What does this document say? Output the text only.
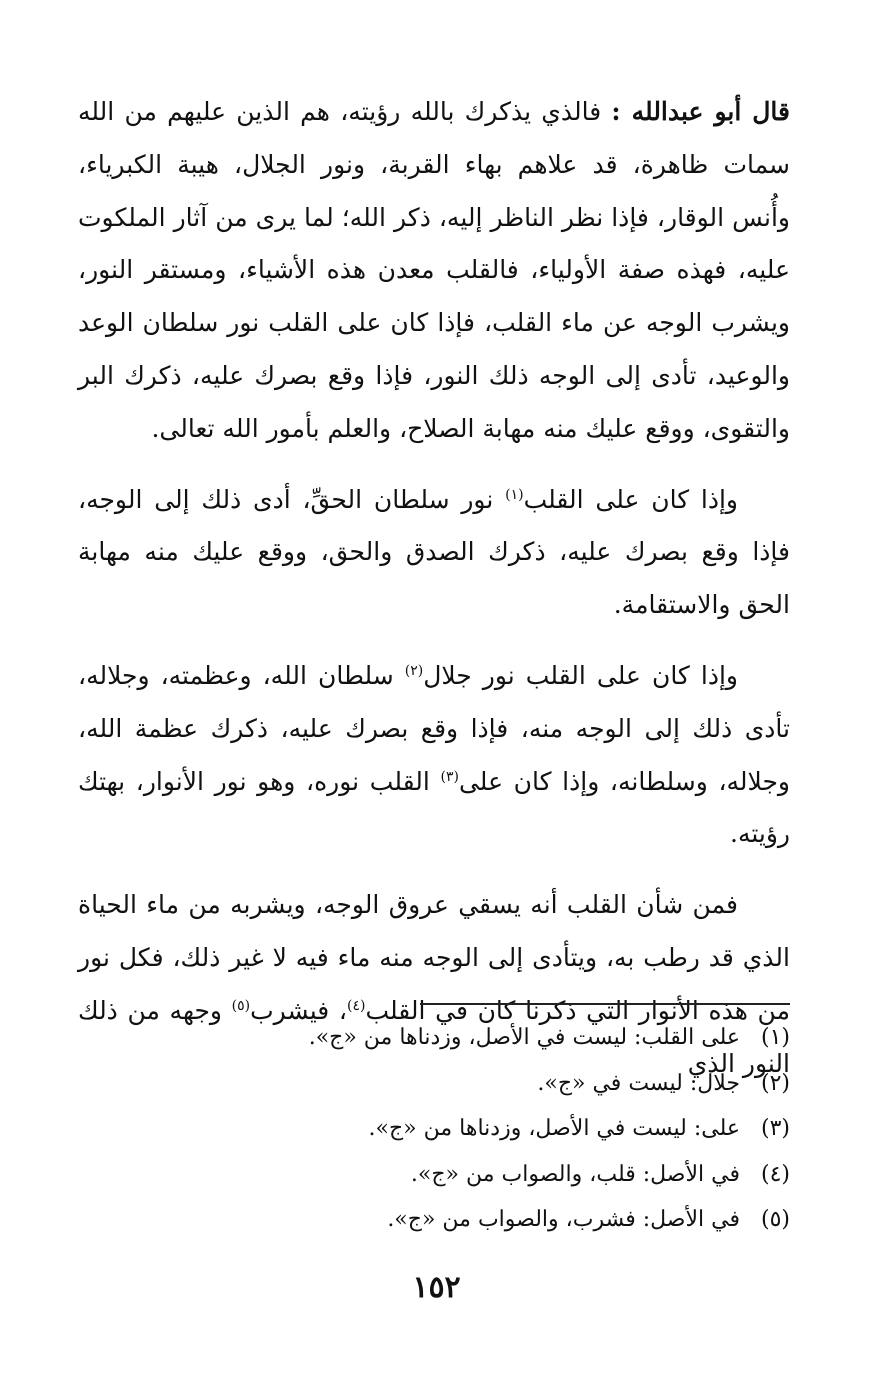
قال أبو عبدالله : فالذي يذكرك بالله رؤيته، هم الذين عليهم من الله سمات ظاهرة، قد علاهم بهاء القربة، ونور الجلال، هيبة الكبرياء، وأُنس الوقار، فإذا نظر الناظر إليه، ذكر الله؛ لما يرى من آثار الملكوت عليه، فهذه صفة الأولياء، فالقلب معدن هذه الأشياء، ومستقر النور، ويشرب الوجه عن ماء القلب، فإذا كان على القلب نور سلطان الوعد والوعيد، تأدى إلى الوجه ذلك النور، فإذا وقع بصرك عليه، ذكرك البر والتقوى، ووقع عليك منه مهابة الصلاح، والعلم بأمور الله تعالى.

وإذا كان على القلب$^{(١)}$ نور سلطان الحقِّ، أدى ذلك إلى الوجه، فإذا وقع بصرك عليه، ذكرك الصدق والحق، ووقع عليك منه مهابة الحق والاستقامة.

وإذا كان على القلب نور جلال$^{(٢)}$ سلطان الله، وعظمته، وجلاله، تأدى ذلك إلى الوجه منه، فإذا وقع بصرك عليه، ذكرك عظمة الله، وجلاله، وسلطانه، وإذا كان على$^{(٣)}$ القلب نوره، وهو نور الأنوار، بهتك رؤيته.

فمن شأن القلب أنه يسقي عروق الوجه، ويشربه من ماء الحياة الذي قد رطب به، ويتأدى إلى الوجه منه ماء فيه لا غير ذلك، فكل نور من هذه الأنوار التي ذكرنا كان في القلب$^{(٤)}$، فيشرب$^{(٥)}$ وجهه من ذلك النور الذي

(١)على القلب: ليست في الأصل، وزدناها من «ج».
(٢)جلال: ليست في «ج».
(٣)على: ليست في الأصل، وزدناها من «ج».
(٤)في الأصل: قلب، والصواب من «ج».
(٥)في الأصل: فشرب، والصواب من «ج».
١٥٢
